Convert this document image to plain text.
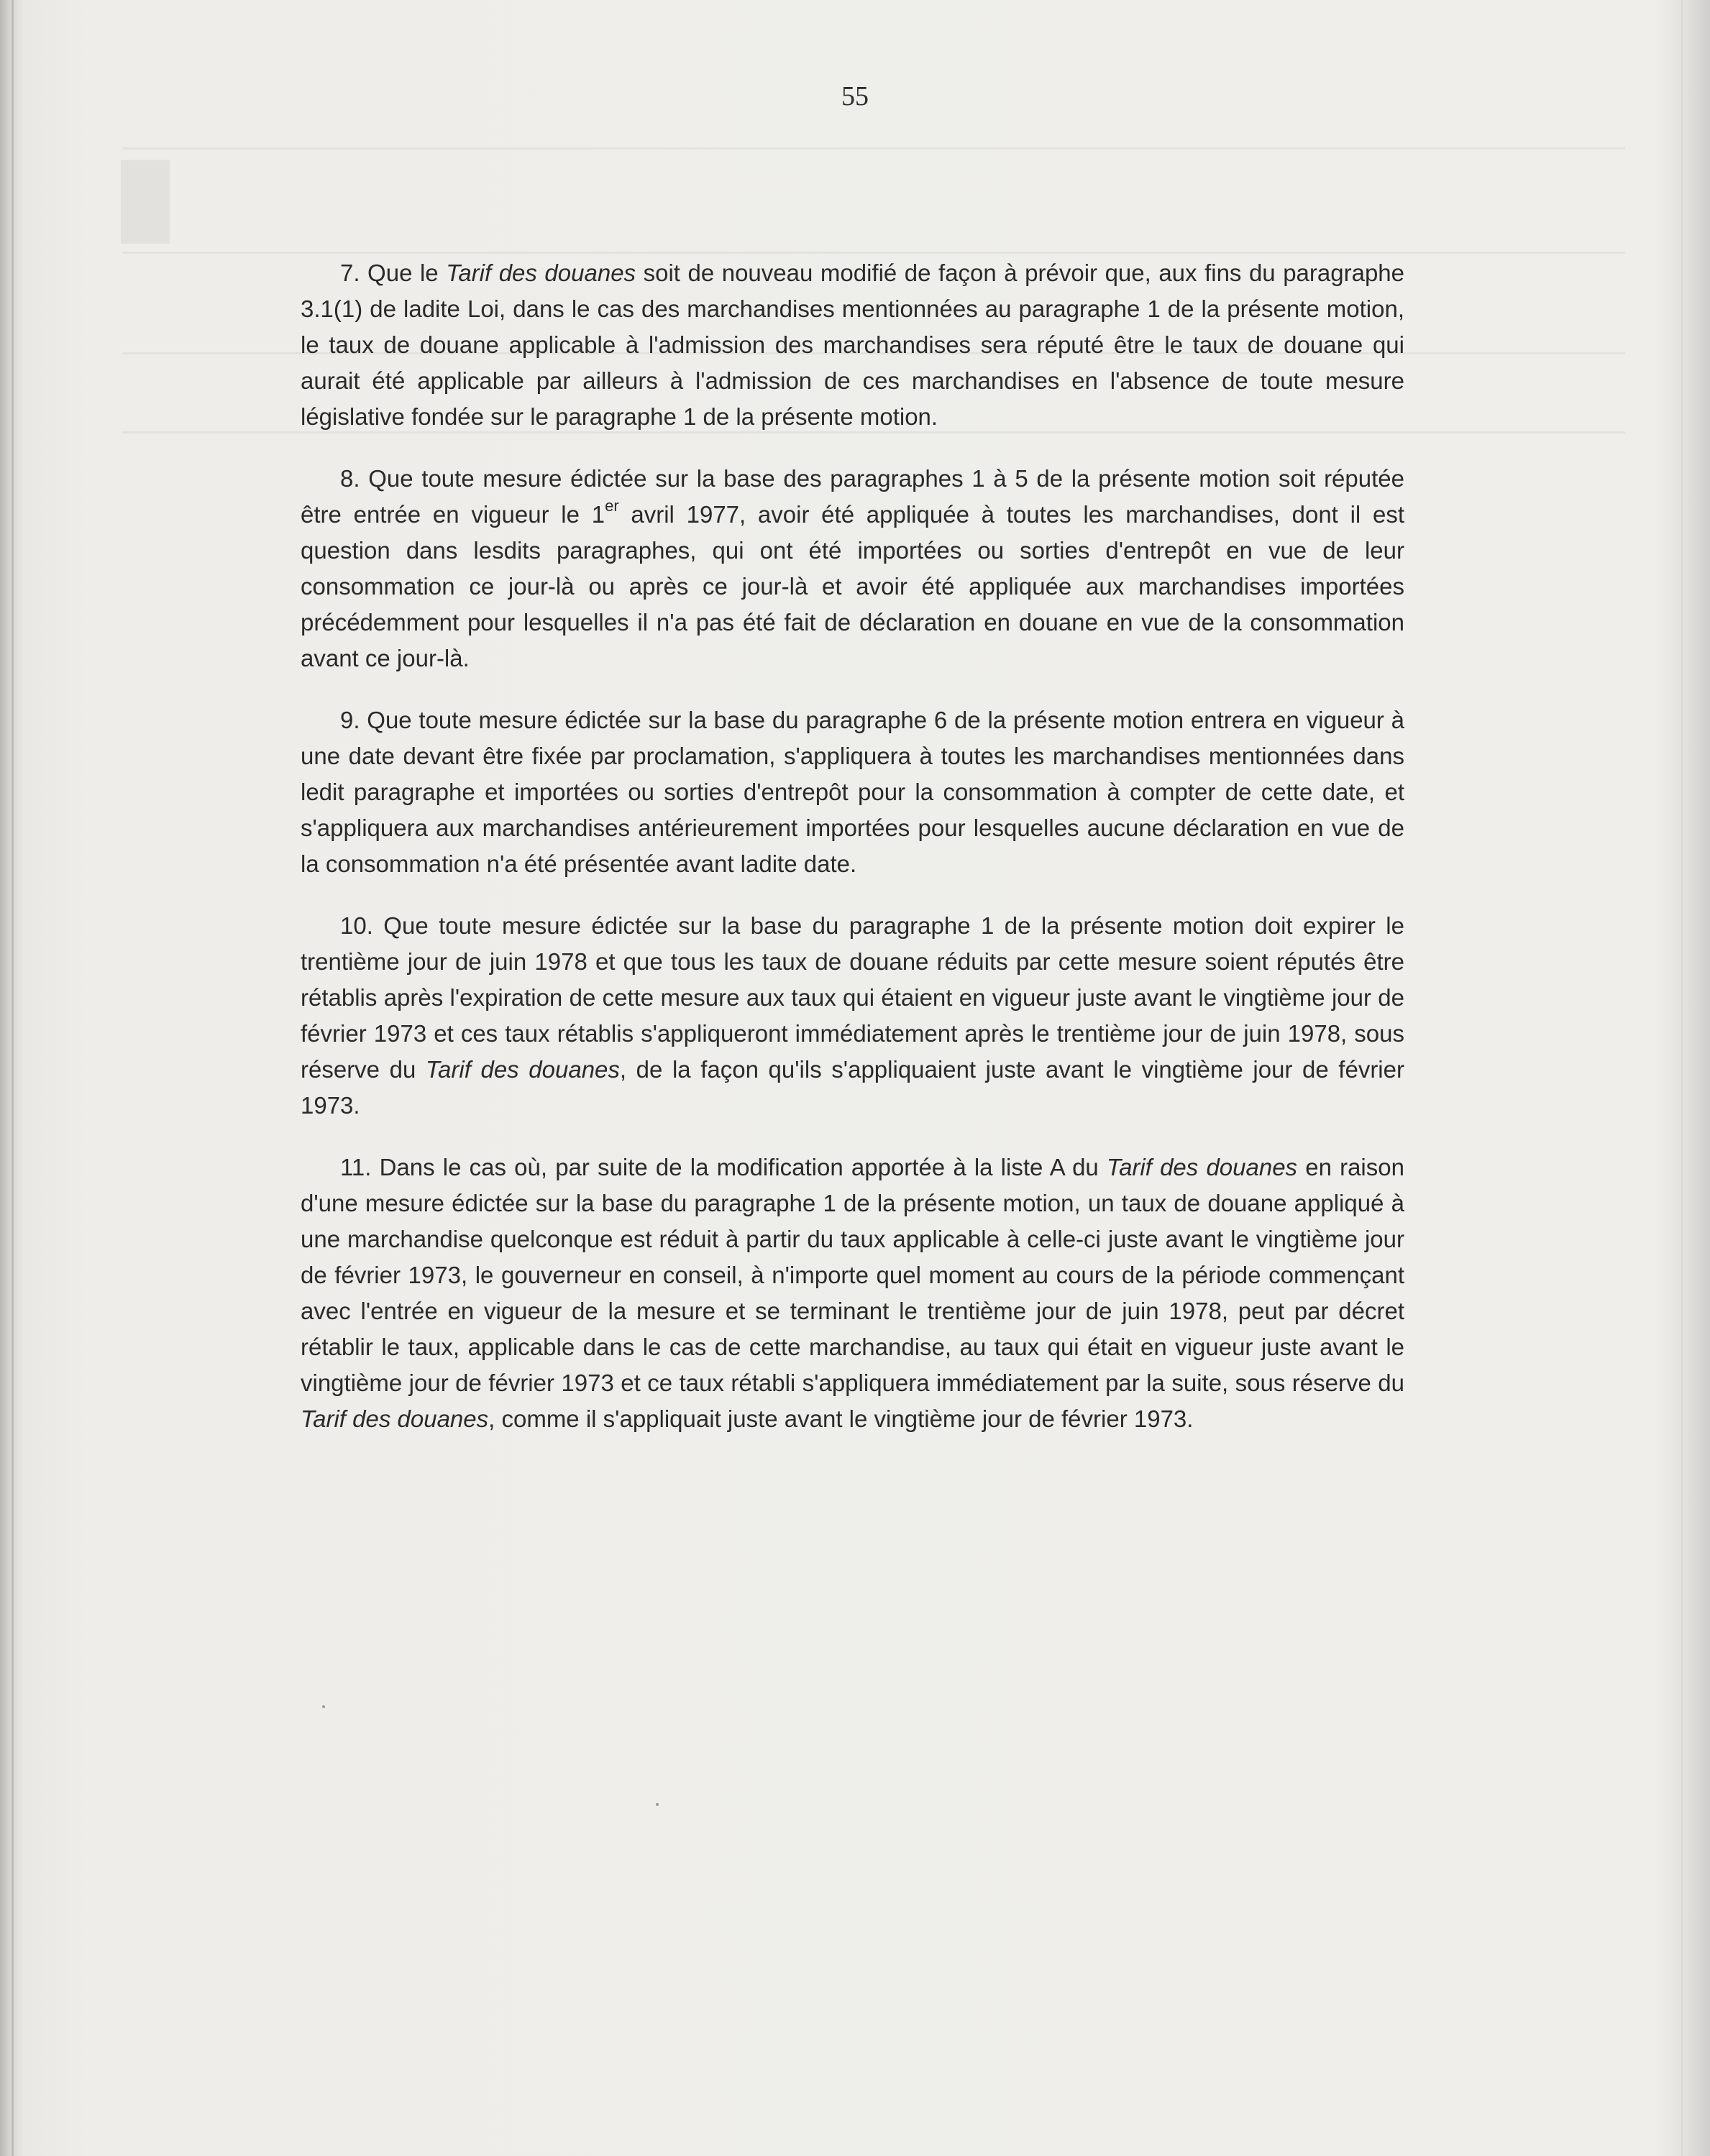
█
55

7. Que le Tarif des douanes soit de nouveau modifié de façon à prévoir que, aux fins du paragraphe 3.1(1) de ladite Loi, dans le cas des marchandises mentionnées au paragraphe 1 de la présente motion, le taux de douane applicable à l'admission des marchandises sera réputé être le taux de douane qui aurait été applicable par ailleurs à l'admission de ces marchandises en l'absence de toute mesure législative fondée sur le paragraphe 1 de la présente motion.

8. Que toute mesure édictée sur la base des paragraphes 1 à 5 de la présente motion soit réputée être entrée en vigueur le 1er avril 1977, avoir été appliquée à toutes les marchandises, dont il est question dans lesdits paragraphes, qui ont été importées ou sorties d'entrepôt en vue de leur consommation ce jour-là ou après ce jour-là et avoir été appliquée aux marchandises importées précédemment pour lesquelles il n'a pas été fait de déclaration en douane en vue de la consommation avant ce jour-là.

9. Que toute mesure édictée sur la base du paragraphe 6 de la présente motion entrera en vigueur à une date devant être fixée par proclamation, s'appliquera à toutes les marchandises mentionnées dans ledit paragraphe et importées ou sorties d'entrepôt pour la consommation à compter de cette date, et s'appliquera aux marchandises antérieurement importées pour lesquelles aucune déclaration en vue de la consommation n'a été présentée avant ladite date.

10. Que toute mesure édictée sur la base du paragraphe 1 de la présente motion doit expirer le trentième jour de juin 1978 et que tous les taux de douane réduits par cette mesure soient réputés être rétablis après l'expiration de cette mesure aux taux qui étaient en vigueur juste avant le vingtième jour de février 1973 et ces taux rétablis s'appliqueront immédiatement après le trentième jour de juin 1978, sous réserve du Tarif des douanes, de la façon qu'ils s'appliquaient juste avant le vingtième jour de février 1973.

11. Dans le cas où, par suite de la modification apportée à la liste A du Tarif des douanes en raison d'une mesure édictée sur la base du paragraphe 1 de la présente motion, un taux de douane appliqué à une marchandise quelconque est réduit à partir du taux applicable à celle-ci juste avant le vingtième jour de février 1973, le gouverneur en conseil, à n'importe quel moment au cours de la période commençant avec l'entrée en vigueur de la mesure et se terminant le trentième jour de juin 1978, peut par décret rétablir le taux, applicable dans le cas de cette marchandise, au taux qui était en vigueur juste avant le vingtième jour de février 1973 et ce taux rétabli s'appliquera immédiatement par la suite, sous réserve du Tarif des douanes, comme il s'appliquait juste avant le vingtième jour de février 1973.
